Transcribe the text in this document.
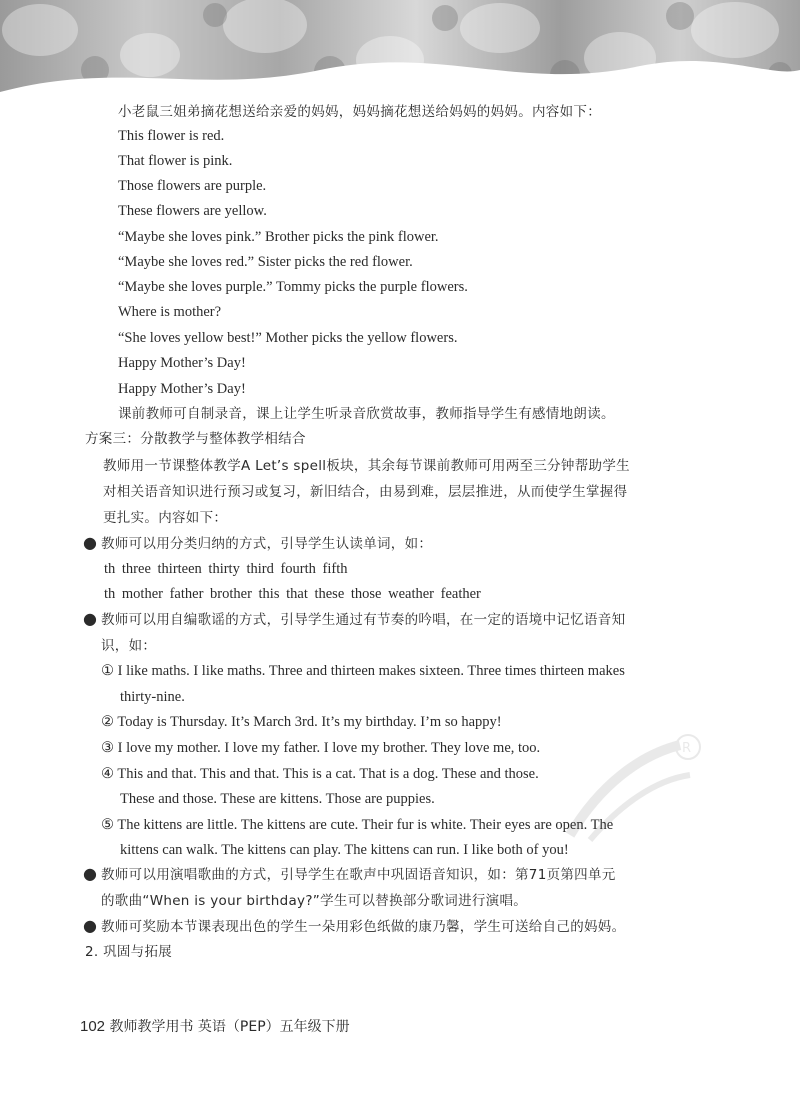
小老鼠三姐弟摘花想送给亲爱的妈妈，妈妈摘花想送给妈妈的妈妈。内容如下：
This flower is red.
That flower is pink.
Those flowers are purple.
These flowers are yellow.
“Maybe she loves pink.” Brother picks the pink flower.
“Maybe she loves red.” Sister picks the red flower.
“Maybe she loves purple.” Tommy picks the purple flowers.
Where is mother?
“She loves yellow best!” Mother picks the yellow flowers.
Happy Mother’s Day!
Happy Mother’s Day!
课前教师可自制录音，课上让学生听录音欣赏故事，教师指导学生有感情地朗读。
方案三：分散教学与整体教学相结合
教师用一节课整体教学A Let’s spell板块，其余每节课前教师可用两至三分钟帮助学生
对相关语音知识进行预习或复习，新旧结合，由易到难，层层推进，从而使学生掌握得
更扎实。内容如下：
● 教师可以用分类归纳的方式，引导学生认读单词，如：
th three thirteen thirty third fourth fifth
th mother father brother this that these those weather feather
● 教师可以用自编歌谣的方式，引导学生通过有节奏的吟唱，在一定的语境中记忆语音知
识，如：
① I like maths. I like maths. Three and thirteen makes sixteen. Three times thirteen makes
thirty-nine.
② Today is Thursday. It’s March 3rd. It’s my birthday. I’m so happy!
③ I love my mother. I love my father. I love my brother. They love me, too.
④ This and that. This and that. This is a cat. That is a dog. These and those.
These and those. These are kittens. Those are puppies.
⑤ The kittens are little. The kittens are cute. Their fur is white. Their eyes are open. The
kittens can walk. The kittens can play. The kittens can run. I like both of you!
● 教师可以用演唱歌曲的方式，引导学生在歌声中巩固语音知识，如：第71页第四单元
的歌曲“When is your birthday?”学生可以替换部分歌词进行演唱。
● 教师可奖励本节课表现出色的学生一朵用彩色纸做的康乃馨，学生可送给自己的妈妈。
2. 巩固与拓展
R
102 教师教学用书 英语（PEP）五年级下册
